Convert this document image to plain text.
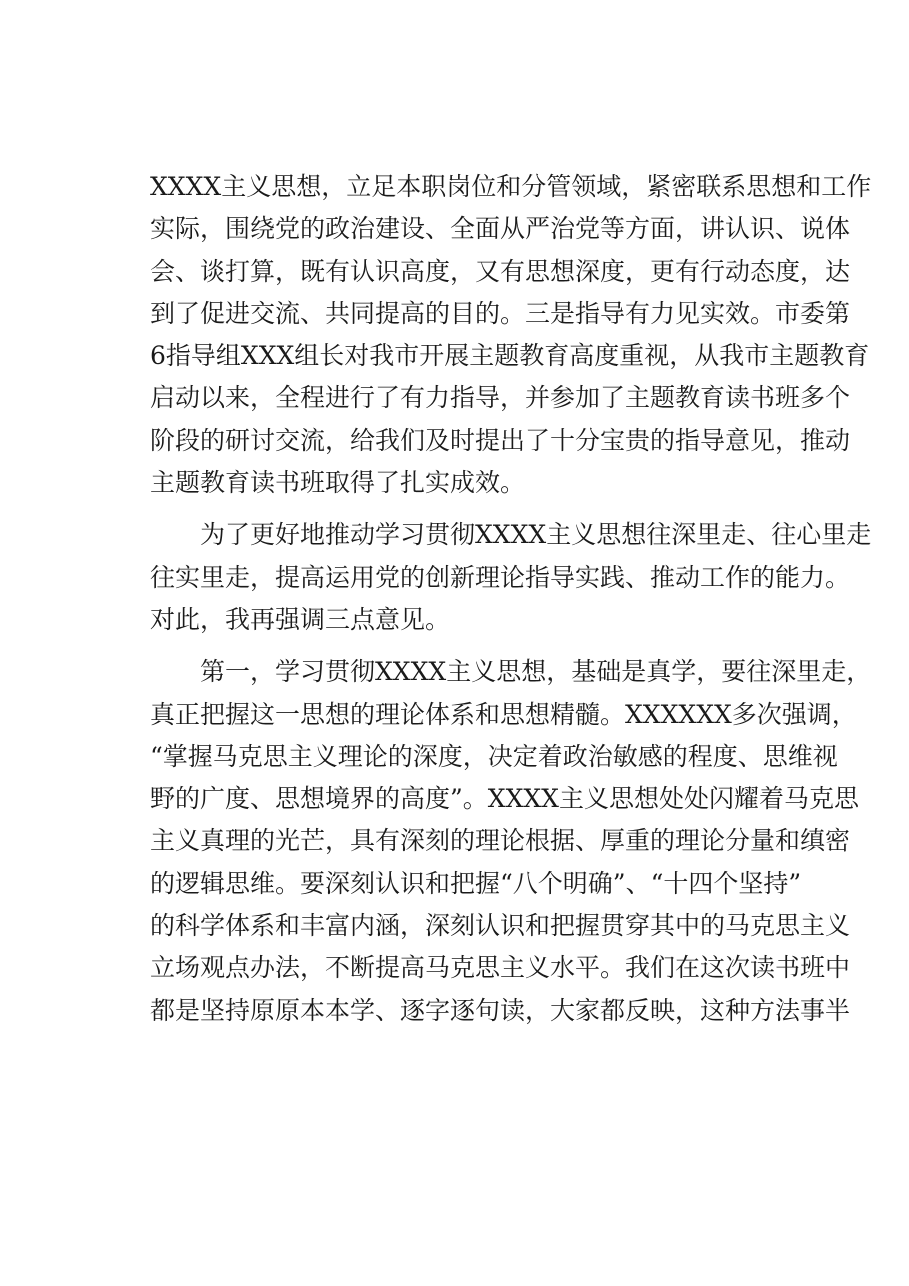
XXXX主义思想，立足本职岗位和分管领域，紧密联系思想和工作
实际，围绕党的政治建设、全面从严治党等方面，讲认识、说体
会、谈打算，既有认识高度，又有思想深度，更有行动态度，达
到了促进交流、共同提高的目的。三是指导有力见实效。市委第
6指导组XXX组长对我市开展主题教育高度重视，从我市主题教育
启动以来，全程进行了有力指导，并参加了主题教育读书班多个
阶段的研讨交流，给我们及时提出了十分宝贵的指导意见，推动
主题教育读书班取得了扎实成效。
　　为了更好地推动学习贯彻XXXX主义思想往深里走、往心里走
往实里走，提高运用党的创新理论指导实践、推动工作的能力。
对此，我再强调三点意见。
　　第一，学习贯彻XXXX主义思想，基础是真学，要往深里走，
真正把握这一思想的理论体系和思想精髓。XXXXXX多次强调，
“掌握马克思主义理论的深度，决定着政治敏感的程度、思维视
野的广度、思想境界的高度”。XXXX主义思想处处闪耀着马克思
主义真理的光芒，具有深刻的理论根据、厚重的理论分量和缜密
的逻辑思维。要深刻认识和把握“八个明确”、“十四个坚持”
的科学体系和丰富内涵，深刻认识和把握贯穿其中的马克思主义
立场观点办法，不断提高马克思主义水平。我们在这次读书班中
都是坚持原原本本学、逐字逐句读，大家都反映，这种方法事半
